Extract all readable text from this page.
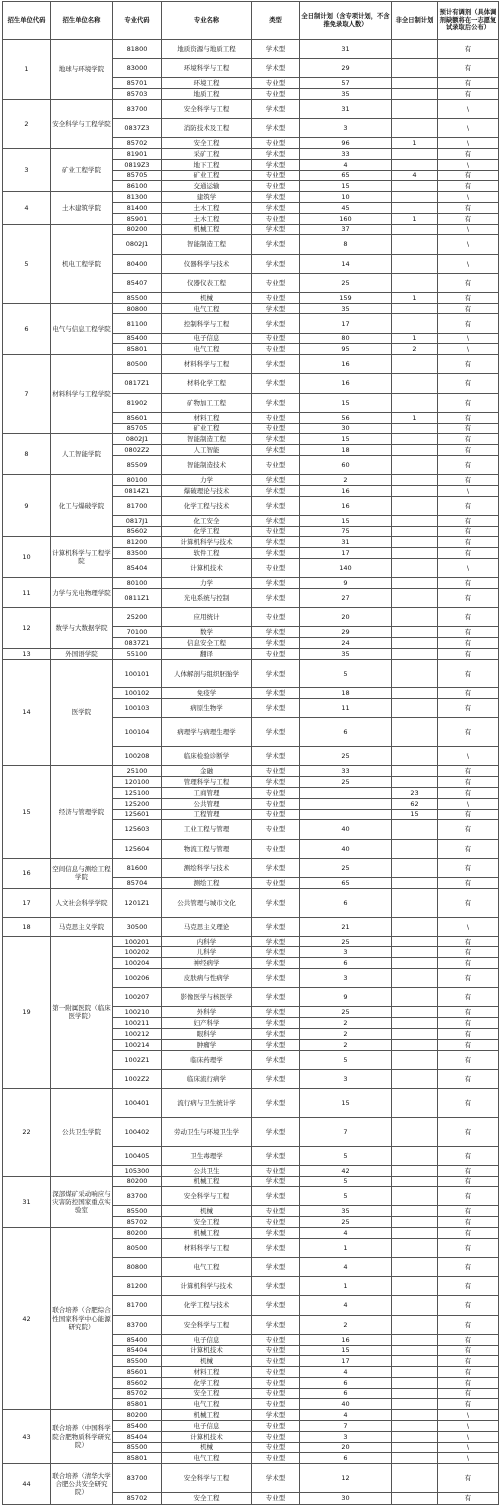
招生单位代码	招生单位名称	专业代码	专业名称	类型	全日制计划（含专项计划，不含推免录取人数）	非全日制计划	预计有调剂（具体调剂缺额将在一志愿复试录取后公布）
1	地球与环境学院	81800	地质资源与地质工程	学术型	31		有
		83000	环境科学与工程	学术型	29		有
		85701	环境工程	专业型	57		有
		85703	地质工程	专业型	35		有
2	安全科学与工程学院	83700	安全科学与工程	学术型	31		\
		0837Z3	消防技术及工程	学术型	3		\
		85702	安全工程	专业型	96	1	\
3	矿业工程学院	81901	采矿工程	学术型	33		有
		0819Z3	地下工程	学术型	4		\
		85705	矿业工程	专业型	65	4	有
		86100	交通运输	专业型	15		有
4	土木建筑学院	81300	建筑学	学术型	10		\
		81400	土木工程	学术型	45		有
		85901	土木工程	专业型	160	1	有
5	机电工程学院	80200	机械工程	学术型	37		\
		0802J1	智能制造工程	学术型	8		\
		80400	仪器科学与技术	学术型	14		\
		85407	仪器仪表工程	专业型	25		有
		85500	机械	专业型	159	1	有
6	电气与信息工程学院	80800	电气工程	学术型	35		有
		81100	控制科学与工程	学术型	17		有
		85400	电子信息	专业型	80	1	\
		85801	电气工程	专业型	95	2	\
7	材料科学与工程学院	80500	材料科学与工程	学术型	16		有
		0817Z1	材料化学工程	学术型	16		有
		81902	矿物加工工程	学术型	15		有
		85601	材料工程	专业型	56	1	有
		85705	矿业工程	专业型	30		有
8	人工智能学院	0802J1	智能制造工程	学术型	15		有
		0802Z2	人工智能	学术型	18		有
		85509	智能制造技术	专业型	60		有
9	化工与爆破学院	80100	力学	学术型	2		有
		0814Z1	爆破理论与技术	学术型	16		\
		81700	化学工程与技术	学术型	16		有
		0817J1	化工安全	学术型	15		有
		85602	化学工程	专业型	75		有
10	计算机科学与工程学院	81200	计算机科学与技术	学术型	31		有
		83500	软件工程	学术型	17		有
		85404	计算机技术	专业型	140		\
11	力学与光电物理学院	80100	力学	学术型	9		有
		0811Z1	光电系统与控制	学术型	27		有
12	数学与大数据学院	25200	应用统计	专业型	20		有
		70100	数学	学术型	29		有
		0837Z1	信息安全工程	学术型	24		有
13	外国语学院	55100	翻译	专业型	35		有
14	医学院	100101	人体解剖与组织胚胎学	学术型	5		有
		100102	免疫学	学术型	18		有
		100103	病原生物学	学术型	11		有
		100104	病理学与病理生理学	学术型	6		有
		100208	临床检验诊断学	学术型	25		\
15	经济与管理学院	25100	金融	专业型	33		有
		120100	管理科学与工程	学术型	25		有
		125100	工商管理	专业型		23	有
		125200	公共管理	专业型		62	\
		125601	工程管理	专业型		15	有
		125603	工业工程与管理	专业型	40		有
		125604	物流工程与管理	专业型	40		有
16	空间信息与测绘工程学院	81600	测绘科学与技术	学术型	25		有
		85704	测绘工程	专业型	65		有
17	人文社会科学学院	1201Z1	公共管理与城市文化	学术型	6		有
18	马克思主义学院	30500	马克思主义理论	学术型	21		\
19	第一附属医院（临床医学院）	100201	内科学	学术型	25		有
		100202	儿科学	学术型	3		有
		100204	神经病学	学术型	6		有
		100206	皮肤病与性病学	学术型	3		有
		100207	影像医学与核医学	学术型	9		有
		100210	外科学	学术型	25		有
		100211	妇产科学	学术型	2		有
		100212	眼科学	学术型	2		有
		100214	肿瘤学	学术型	2		有
		1002Z1	临床药理学	学术型	5		有
		1002Z2	临床流行病学	学术型	3		有
22	公共卫生学院	100401	流行病与卫生统计学	学术型	15		有
		100402	劳动卫生与环境卫生学	学术型	7		有
		100405	卫生毒理学	学术型	5		有
		105300	公共卫生	专业型	42		有
31	深部煤矿采动响应与灾害防控国家重点实验室	80200	机械工程	学术型	5		有
		83700	安全科学与工程	学术型	5		有
		85500	机械	专业型	35		有
		85702	安全工程	专业型	25		有
42	联合培养（合肥综合性国家科学中心能源研究院）	80200	机械工程	学术型	4		有
		80500	材料科学与工程	学术型	1		有
		80800	电气工程	学术型	4		有
		81200	计算机科学与技术	学术型	1		有
		81700	化学工程与技术	学术型	4		有
		83700	安全科学与工程	学术型	2		有
		85400	电子信息	专业型	16		有
		85404	计算机技术	专业型	15		有
		85500	机械	专业型	17		有
		85601	材料工程	专业型	4		有
		85602	化学工程	专业型	6		有
		85702	安全工程	专业型	6		有
		85801	电气工程	专业型	40		有
43	联合培养（中国科学院合肥物质科学研究院）	80200	机械工程	学术型	4		\
		85400	电子信息	专业型	7		\
		85404	计算机技术	专业型	3		\
		85500	机械	专业型	20		\
		85801	电气工程	专业型	6		\
44	联合培养（清华大学合肥公共安全研究院）	83700	安全科学与工程	学术型	12		有
		85702	安全工程	专业型	30		有
